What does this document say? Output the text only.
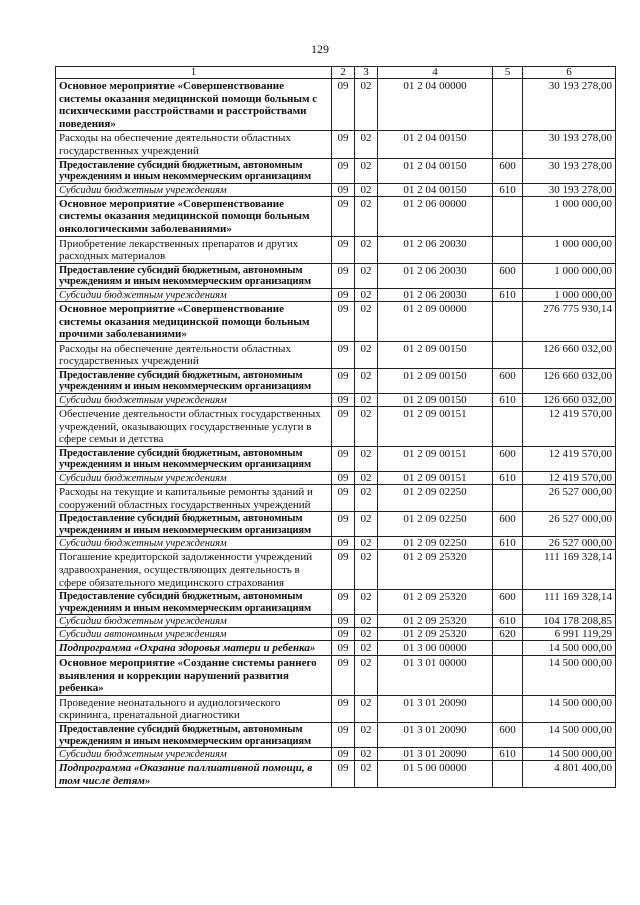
129
1	2	3	4	5	6
Основное мероприятие «Совершенствование системы оказания медицинской помощи больным с психическими расстройствами и расстройствами поведения»	09	02	01 2 04 00000		30 193 278,00
Расходы на обеспечение деятельности областных государственных учреждений	09	02	01 2 04 00150		30 193 278,00
Предоставление субсидий бюджетным, автономным учреждениям и иным некоммерческим организациям	09	02	01 2 04 00150	600	30 193 278,00
Субсидии бюджетным учреждениям	09	02	01 2 04 00150	610	30 193 278,00
Основное мероприятие «Совершенствование системы оказания медицинской помощи больным онкологическими заболеваниями»	09	02	01 2 06 00000		1 000 000,00
Приобретение лекарственных препаратов и других расходных материалов	09	02	01 2 06 20030		1 000 000,00
Предоставление субсидий бюджетным, автономным учреждениям и иным некоммерческим организациям	09	02	01 2 06 20030	600	1 000 000,00
Субсидии бюджетным учреждениям	09	02	01 2 06 20030	610	1 000 000,00
Основное мероприятие «Совершенствование системы оказания медицинской помощи больным прочими заболеваниями»	09	02	01 2 09 00000		276 775 930,14
Расходы на обеспечение деятельности областных государственных учреждений	09	02	01 2 09 00150		126 660 032,00
Предоставление субсидий бюджетным, автономным учреждениям и иным некоммерческим организациям	09	02	01 2 09 00150	600	126 660 032,00
Субсидии бюджетным учреждениям	09	02	01 2 09 00150	610	126 660 032,00
Обеспечение деятельности областных государственных учреждений, оказывающих государственные услуги в сфере семьи и детства	09	02	01 2 09 00151		12 419 570,00
Предоставление субсидий бюджетным, автономным учреждениям и иным некоммерческим организациям	09	02	01 2 09 00151	600	12 419 570,00
Субсидии бюджетным учреждениям	09	02	01 2 09 00151	610	12 419 570,00
Расходы на текущие и капитальные ремонты зданий и сооружений областных государственных учреждений	09	02	01 2 09 02250		26 527 000,00
Предоставление субсидий бюджетным, автономным учреждениям и иным некоммерческим организациям	09	02	01 2 09 02250	600	26 527 000,00
Субсидии бюджетным учреждениям	09	02	01 2 09 02250	610	26 527 000,00
Погашение кредиторской задолженности учреждений здравоохранения, осуществляющих деятельность в сфере обязательного медицинского страхования	09	02	01 2 09 25320		111 169 328,14
Предоставление субсидий бюджетным, автономным учреждениям и иным некоммерческим организациям	09	02	01 2 09 25320	600	111 169 328,14
Субсидии бюджетным учреждениям	09	02	01 2 09 25320	610	104 178 208,85
Субсидии автономным учреждениям	09	02	01 2 09 25320	620	6 991 119,29
Подпрограмма «Охрана здоровья матери и ребенка»	09	02	01 3 00 00000		14 500 000,00
Основное мероприятие «Создание системы раннего выявления и коррекции нарушений развития ребенка»	09	02	01 3 01 00000		14 500 000,00
Проведение неонатального и аудиологического скрининга, пренатальной диагностики	09	02	01 3 01 20090		14 500 000,00
Предоставление субсидий бюджетным, автономным учреждениям и иным некоммерческим организациям	09	02	01 3 01 20090	600	14 500 000,00
Субсидии бюджетным учреждениям	09	02	01 3 01 20090	610	14 500 000,00
Подпрограмма «Оказание паллиативной помощи, в том числе детям»	09	02	01 5 00 00000		4 801 400,00
